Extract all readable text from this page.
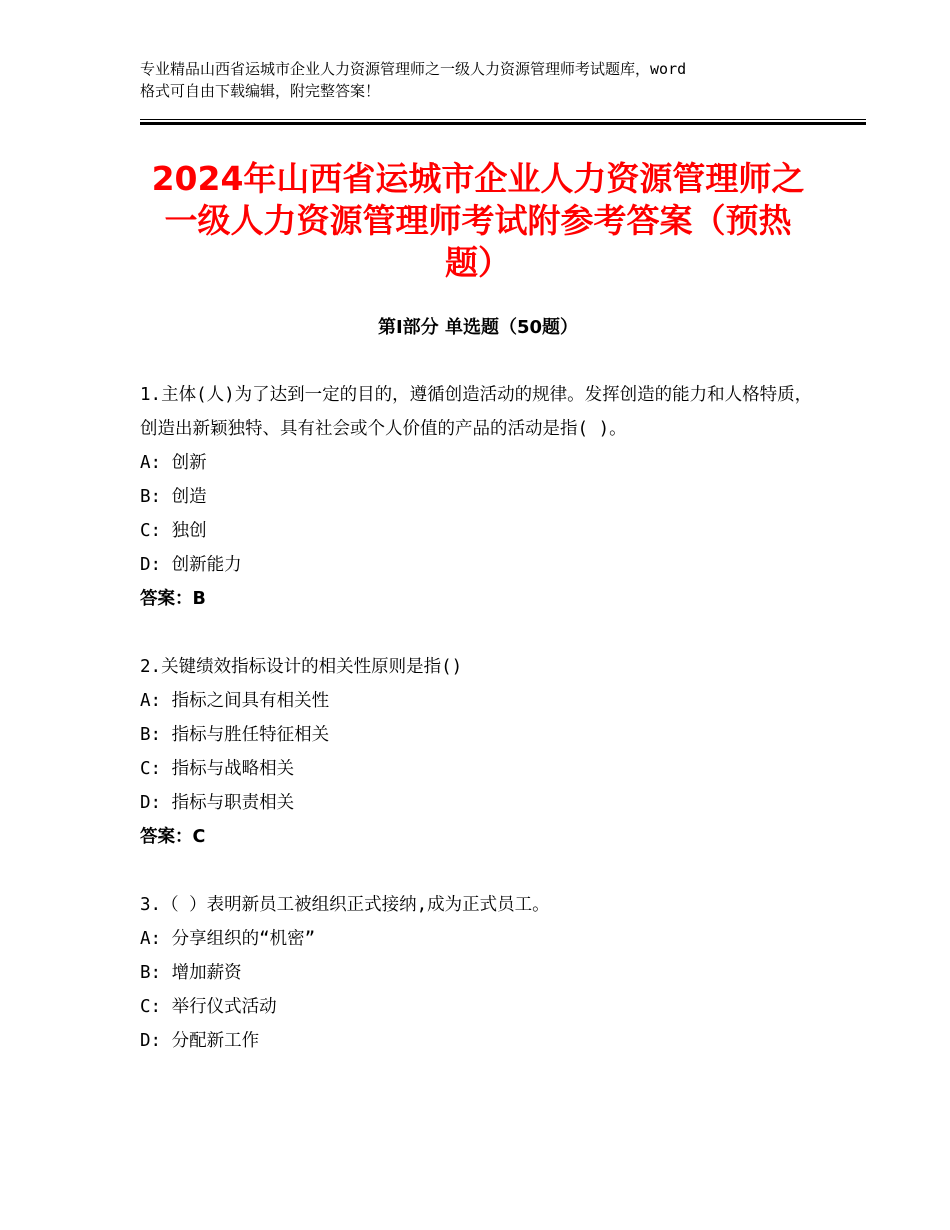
专业精品山西省运城市企业人力资源管理师之一级人力资源管理师考试题库，word
格式可自由下载编辑，附完整答案！
2024年山西省运城市企业人力资源管理师之一级人力资源管理师考试附参考答案（预热题）
第Ⅰ部分 单选题（50题）
1.主体(人)为了达到一定的目的，遵循创造活动的规律。发挥创造的能力和人格特质，创造出新颖独特、具有社会或个人价值的产品的活动是指( )。
A: 创新
B: 创造
C: 独创
D: 创新能力
答案：B
2.关键绩效指标设计的相关性原则是指()
A: 指标之间具有相关性
B: 指标与胜任特征相关
C: 指标与战略相关
D: 指标与职责相关
答案：C
3.（ ）表明新员工被组织正式接纳,成为正式员工。
A: 分享组织的“机密”
B: 增加薪资
C: 举行仪式活动
D: 分配新工作
